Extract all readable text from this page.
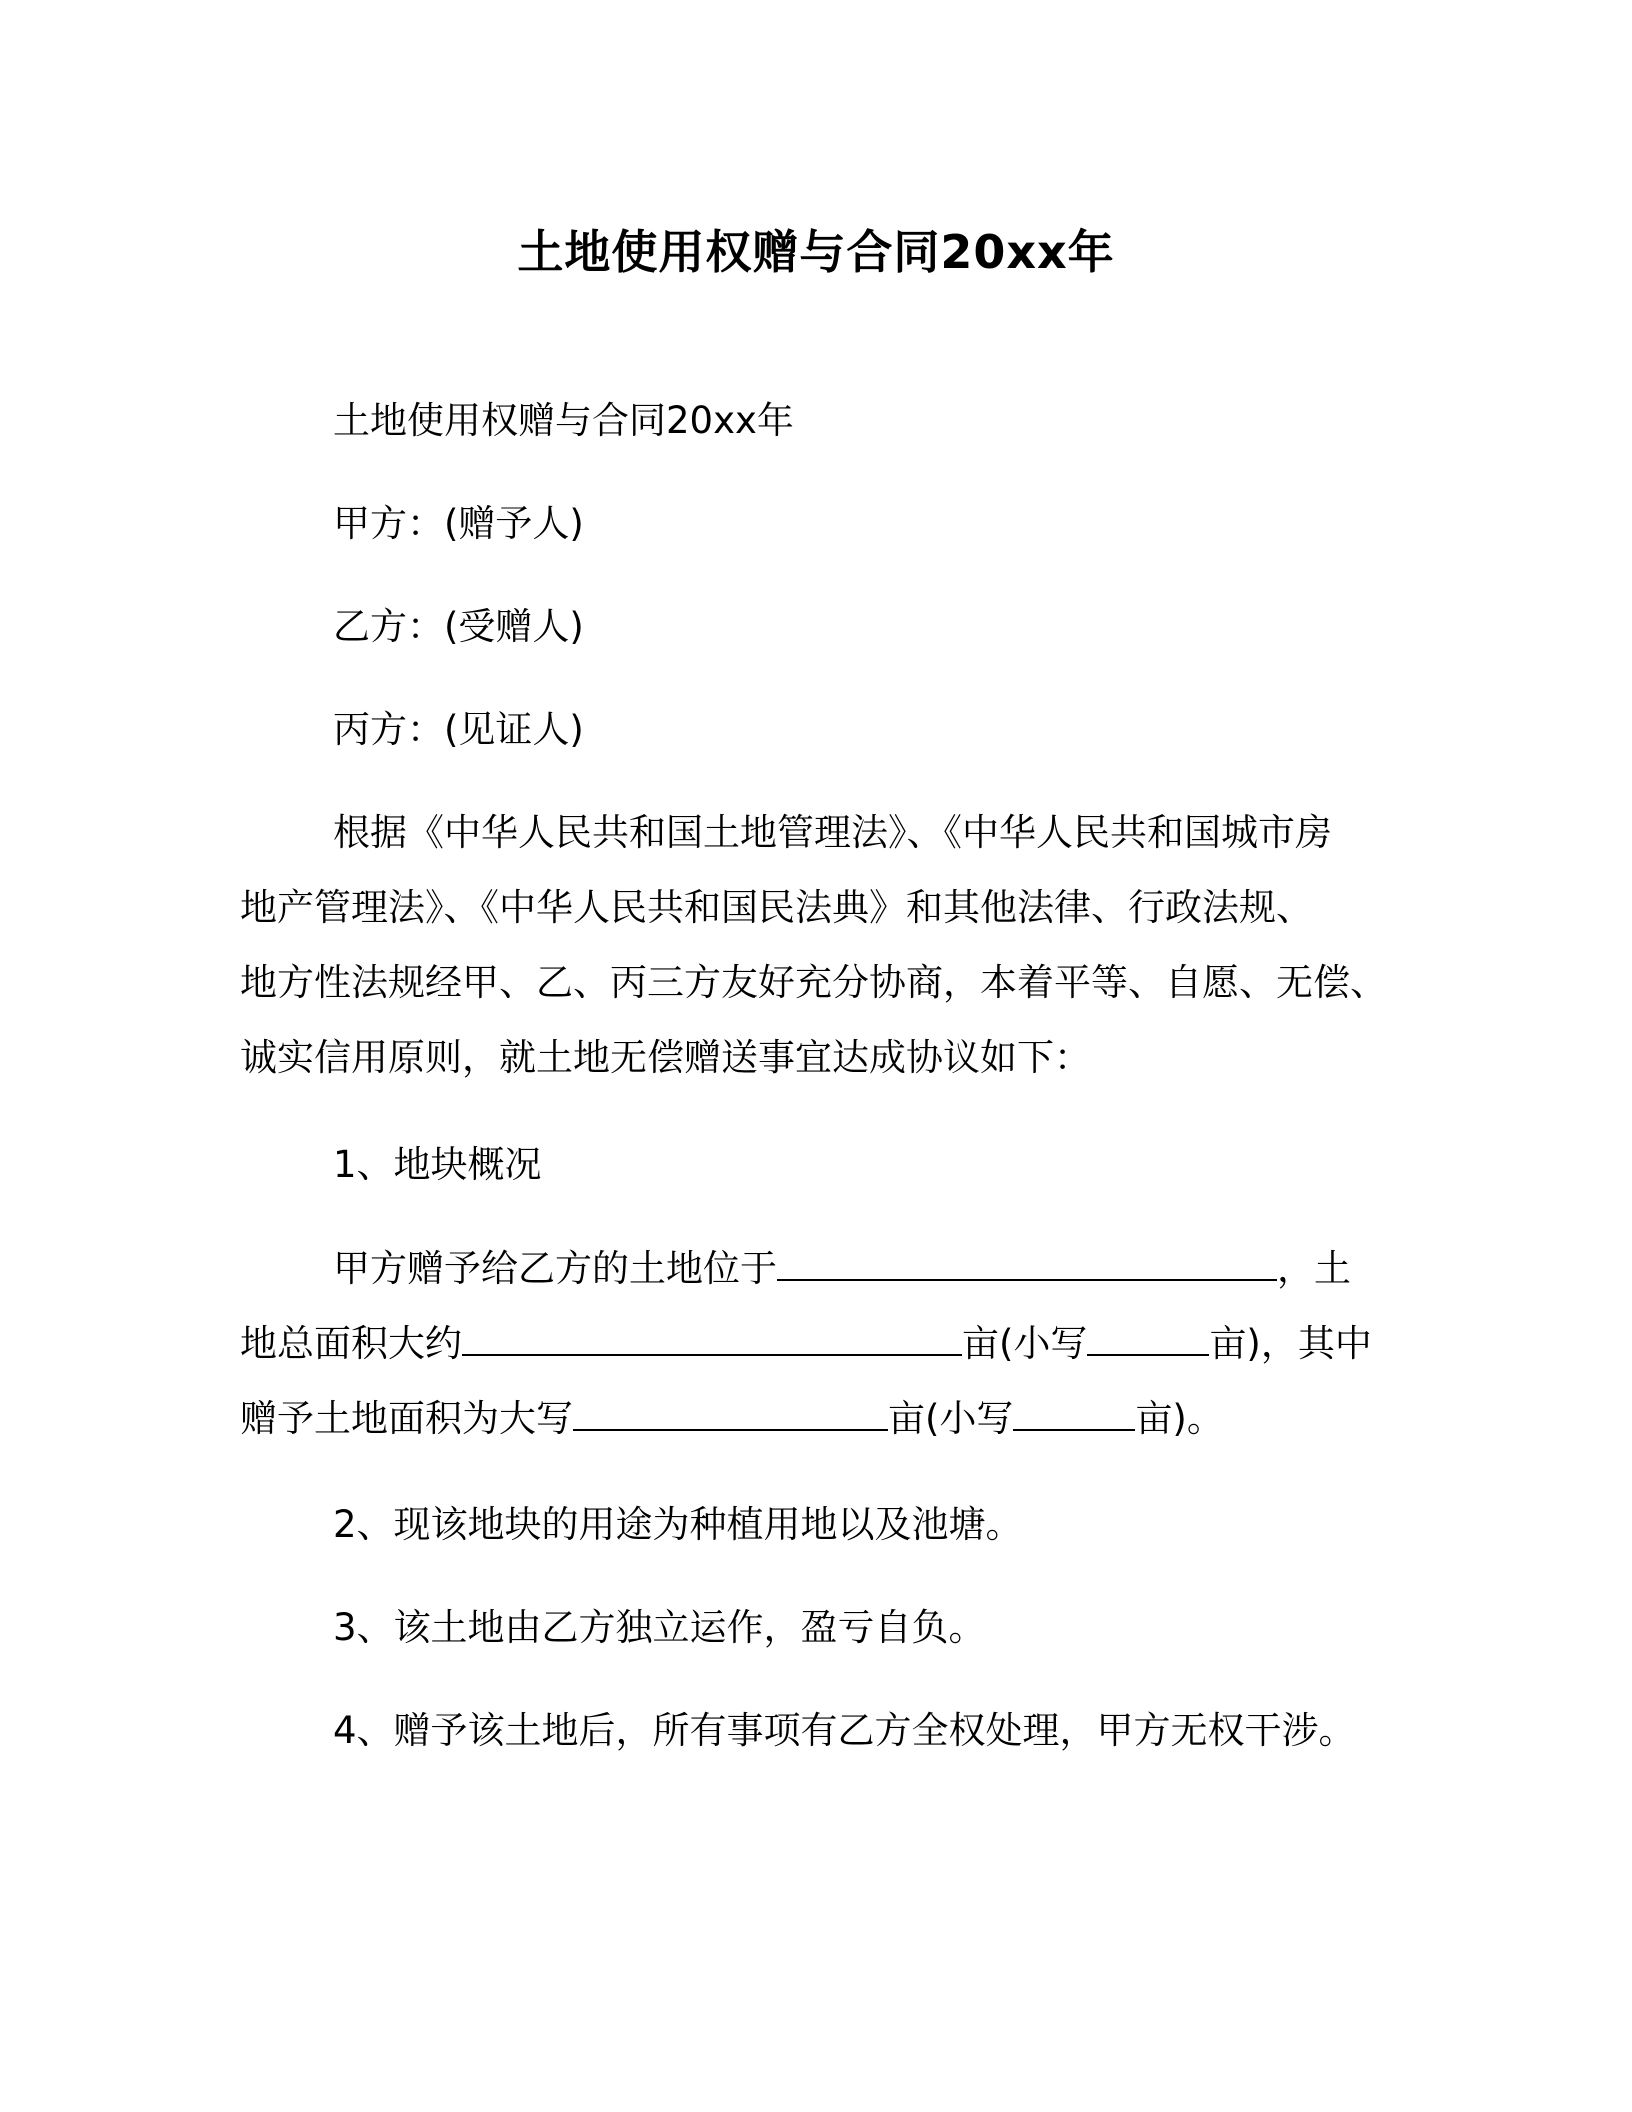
土地使用权赠与合同20xx年

土地使用权赠与合同20xx年

甲方：(赠予人)

乙方：(受赠人)

丙方：(见证人)

根据《中华人民共和国土地管理法》、《中华人民共和国城市房

地产管理法》、《中华人民共和国民法典》和其他法律、行政法规、

地方性法规经甲、乙、丙三方友好充分协商，本着平等、自愿、无偿、

诚实信用原则，就土地无偿赠送事宜达成协议如下：

1、地块概况

甲方赠予给乙方的土地位于	，土

地总面积大约	亩(小写	亩)，其中

赠予土地面积为大写	亩(小写	亩)。

2、现该地块的用途为种植用地以及池塘。

3、该土地由乙方独立运作，盈亏自负。

4、赠予该土地后，所有事项有乙方全权处理，甲方无权干涉。
